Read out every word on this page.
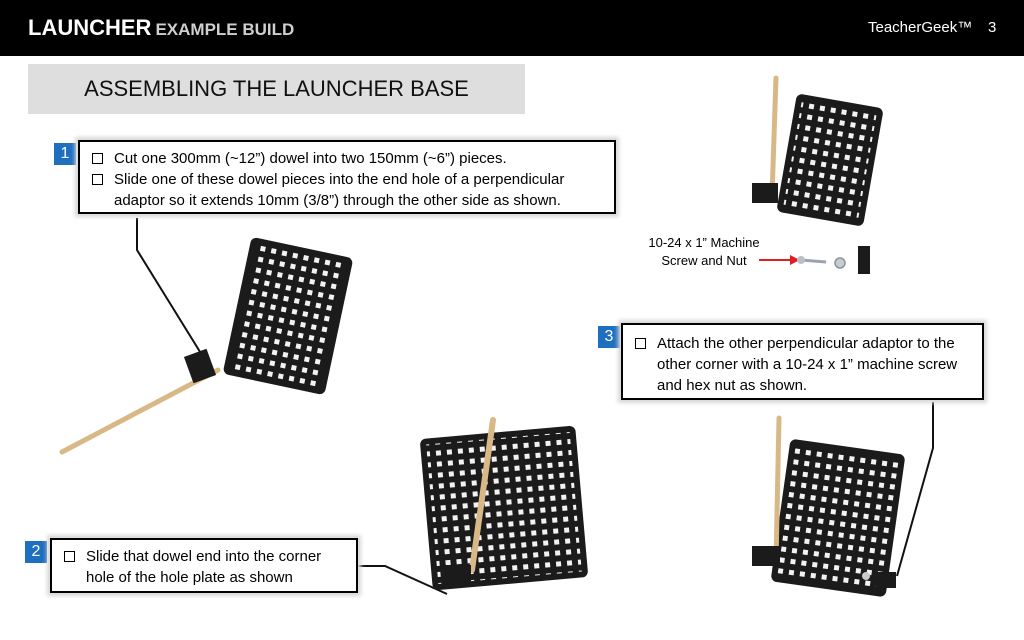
LAUNCHER EXAMPLE BUILD	TeacherGeek™ 3
ASSEMBLING THE LAUNCHER BASE
10-24 x 1” Machine
Screw and Nut
1	Cut one 300mm (~12”) dowel into two 150mm (~6”) pieces.
Slide one of these dowel pieces into the end hole of a perpendicular adaptor so it extends 10mm (3/8”) through the other side as shown.
2	Slide that dowel end into the corner hole of the hole plate as shown
3	Attach the other perpendicular adaptor to the other corner with a 10-24 x 1” machine screw and hex nut as shown.
